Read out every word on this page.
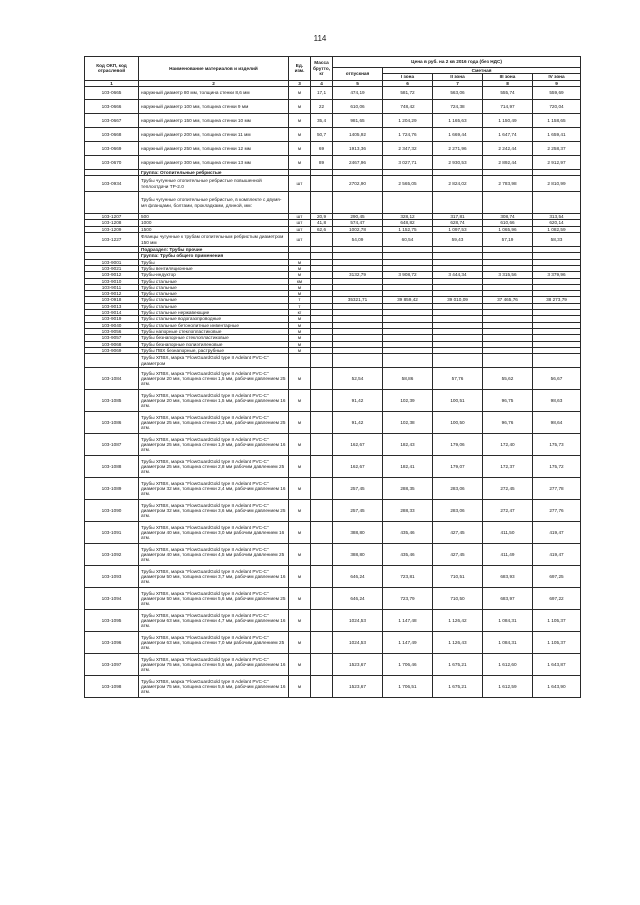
114
Код ОКП, код отраслевой	Наименование материалов и изделий	Ед. изм.	Масса брутто, кг	Цена в руб. на 2 кв 2016 года (без НДС)				
				отпускная	Сметная			
					I зона	II зона	III зона	IV зона
1	2	3	4	5	6	7	8	9
103-0665	наружный диаметр 80 мм, толщина стенки 8,6 мм	м	17,1	474,19	581,72	563,06	555,74	559,69
103-0666	наружный диаметр 100 мм, толщина стенки 9 мм	м	22	610,06	748,42	724,38	714,97	720,04
103-0667	наружный диаметр 150 мм, толщина стенки 10 мм	м	35,4	981,65	1 204,29	1 165,63	1 150,49	1 158,65
103-0668	наружный диаметр 200 мм, толщина стенки 11 мм	м	50,7	1405,92	1 724,76	1 669,44	1 647,74	1 659,41
103-0669	наружный диаметр 250 мм, толщина стенки 12 мм	м	69	1913,36	2 347,32	2 271,96	2 242,44	2 258,37
103-0670	наружный диаметр 300 мм, толщина стенки 13 мм	м	89	2467,96	3 027,71	2 930,53	2 892,44	2 912,97
	Группа: Отопительные ребристые							
103-0934	Трубы чугунные отопительные ребристые повышенной теплоотдачи ТР-2.0	шт		2702,90	2 565,05	2 824,02	2 783,98	2 810,99
	Трубы чугунные отопительные ребристые, в комплекте с двумя-мя фланцами, болтами, прокладками, длиной, мм:							
103-1207	500	шт	20,9	290,45	328,12	317,81	308,74	313,54
103-1208	1000	шт	41,8	574,47	648,82	628,74	610,66	620,14
103-1209	1500	шт	62,6	1002,78	1 152,75	1 097,53	1 065,96	1 082,59
103-1227	Фланцы чугунные к трубам отопительным ребристым диаметром 150 мм	шт		54,09	60,54	59,43	57,19	58,33
	Подраздел: Трубы прочие							
	Группа: Трубы общего применения							
103-9001	Трубы	м						
103-9021	Трубы вентиляционные	м						
103-9012	Трубы-индуктор	м		3132,79	3 908,72	3 444,34	3 315,56	3 379,96
103-9010	Трубы стальные	км						
103-9011	Трубы стальные	м						
103-9012	Трубы стальные	м						
103-0918	Трубы стальные	т		35321,71	39 859,42	39 010,09	37 465,76	38 273,79
103-9013	Трубы стальные	т						
103-9014	Трубы стальные нержавеющие	кг						
103-9019	Трубы стальные водогазопроводные	м						
103-9040	Трубы стальные бетонолитные инвентарные	м						
103-9056	Трубы напорные стеклопластиковые	м						
103-9057	Трубы безнапорные стеклопластиковые	м						
103-9068	Трубы безнапорные полиэтиленовые	м						
103-9069	Трубы ПВХ безнапорные, раструбные	м						
	Трубы ХПВХ, марка "FlowGuardGold type II Adelant PVC-C" диаметром							
103-1084	Трубы ХПВХ, марка "FlowGuardGold type II Adelant PVC-C" диаметром 20 мм, толщина стенки 1,5 мм, рабочим давлением 25 атм.	м		52,54	58,86	57,76	55,62	56,67
103-1085	Трубы ХПВХ, марка "FlowGuardGold type II Adelant PVC-C" диаметром 20 мм, толщина стенки 1,5 мм, рабочим давлением 16 атм.	м		91,42	102,39	100,51	96,75	98,63
103-1086	Трубы ХПВХ, марка "FlowGuardGold type II Adelant PVC-C" диаметром 25 мм, толщина стенки 2,3 мм, рабочим давлением 25 атм.	м		91,42	102,38	100,50	96,76	98,64
103-1087	Трубы ХПВХ, марка "FlowGuardGold type II Adelant PVC-C" диаметром 25 мм, толщина стенки 1,9 мм, рабочим давлением 16 атм.	м		162,67	182,43	179,06	172,40	175,73
103-1088	Трубы ХПВХ, марка "FlowGuardGold type II Adelant PVC-C" диаметром 25 мм, толщина стенки 2,8 мм рабочим давлением 25 атм.	м		162,67	182,41	179,07	172,37	175,72
103-1089	Трубы ХПВХ, марка "FlowGuardGold type II Adelant PVC-C" диаметром 32 мм, толщина стенки 2,4 мм, рабочим давлением 16 атм.	м		257,45	288,35	283,06	272,45	277,78
103-1090	Трубы ХПВХ, марка "FlowGuardGold type II Adelant PVC-C" диаметром 32 мм, толщина стенки 3,6 мм, рабочим давлением 25 атм.	м		257,45	288,33	283,06	272,47	277,76
103-1091	Трубы ХПВХ, марка "FlowGuardGold type II Adelant PVC-C" диаметром 40 мм, толщина стенки 3,0 мм рабочим давлением 16 атм.	м		388,80	435,46	427,45	411,50	419,47
103-1092	Трубы ХПВХ, марка "FlowGuardGold type II Adelant PVC-C" диаметром 40 мм, толщина стенки 4,5 мм рабочим давлением 25 атм.	м		388,80	435,46	427,45	411,49	419,47
103-1093	Трубы ХПВХ, марка "FlowGuardGold type II Adelant PVC-C" диаметром 50 мм, толщина стенки 3,7 мм, рабочим давлением 16 атм.	м		646,24	723,81	710,51	683,93	697,25
103-1094	Трубы ХПВХ, марка "FlowGuardGold type II Adelant PVC-C" диаметром 50 мм, толщина стенки 5,6 мм, рабочим давлением 25 атм.	м		646,24	723,79	710,50	683,97	697,22
103-1095	Трубы ХПВХ, марка "FlowGuardGold type II Adelant PVC-C" диаметром 63 мм, толщина стенки 4,7 мм, рабочим давлением 16 атм.	м		1024,53	1 147,48	1 126,42	1 084,31	1 105,37
103-1096	Трубы ХПВХ, марка "FlowGuardGold type II Adelant PVC-C" диаметром 63 мм, толщина стенки 7,0 мм рабочим давлением 25 атм.	м		1024,53	1 147,49	1 126,43	1 084,31	1 105,37
103-1097	Трубы ХПВХ, марка "FlowGuardGold type II Adelant PVC-C" диаметром 75 мм, толщина стенки 5,6 мм, рабочим давлением 16 атм.	м		1523,67	1 706,46	1 675,21	1 612,60	1 643,87
103-1098	Трубы ХПВХ, марка "FlowGuardGold type II Adelant PVC-C" диаметром 75 мм, толщина стенки 5,6 мм, рабочим давлением 16 атм.	м		1523,67	1 706,51	1 675,21	1 612,59	1 643,90
